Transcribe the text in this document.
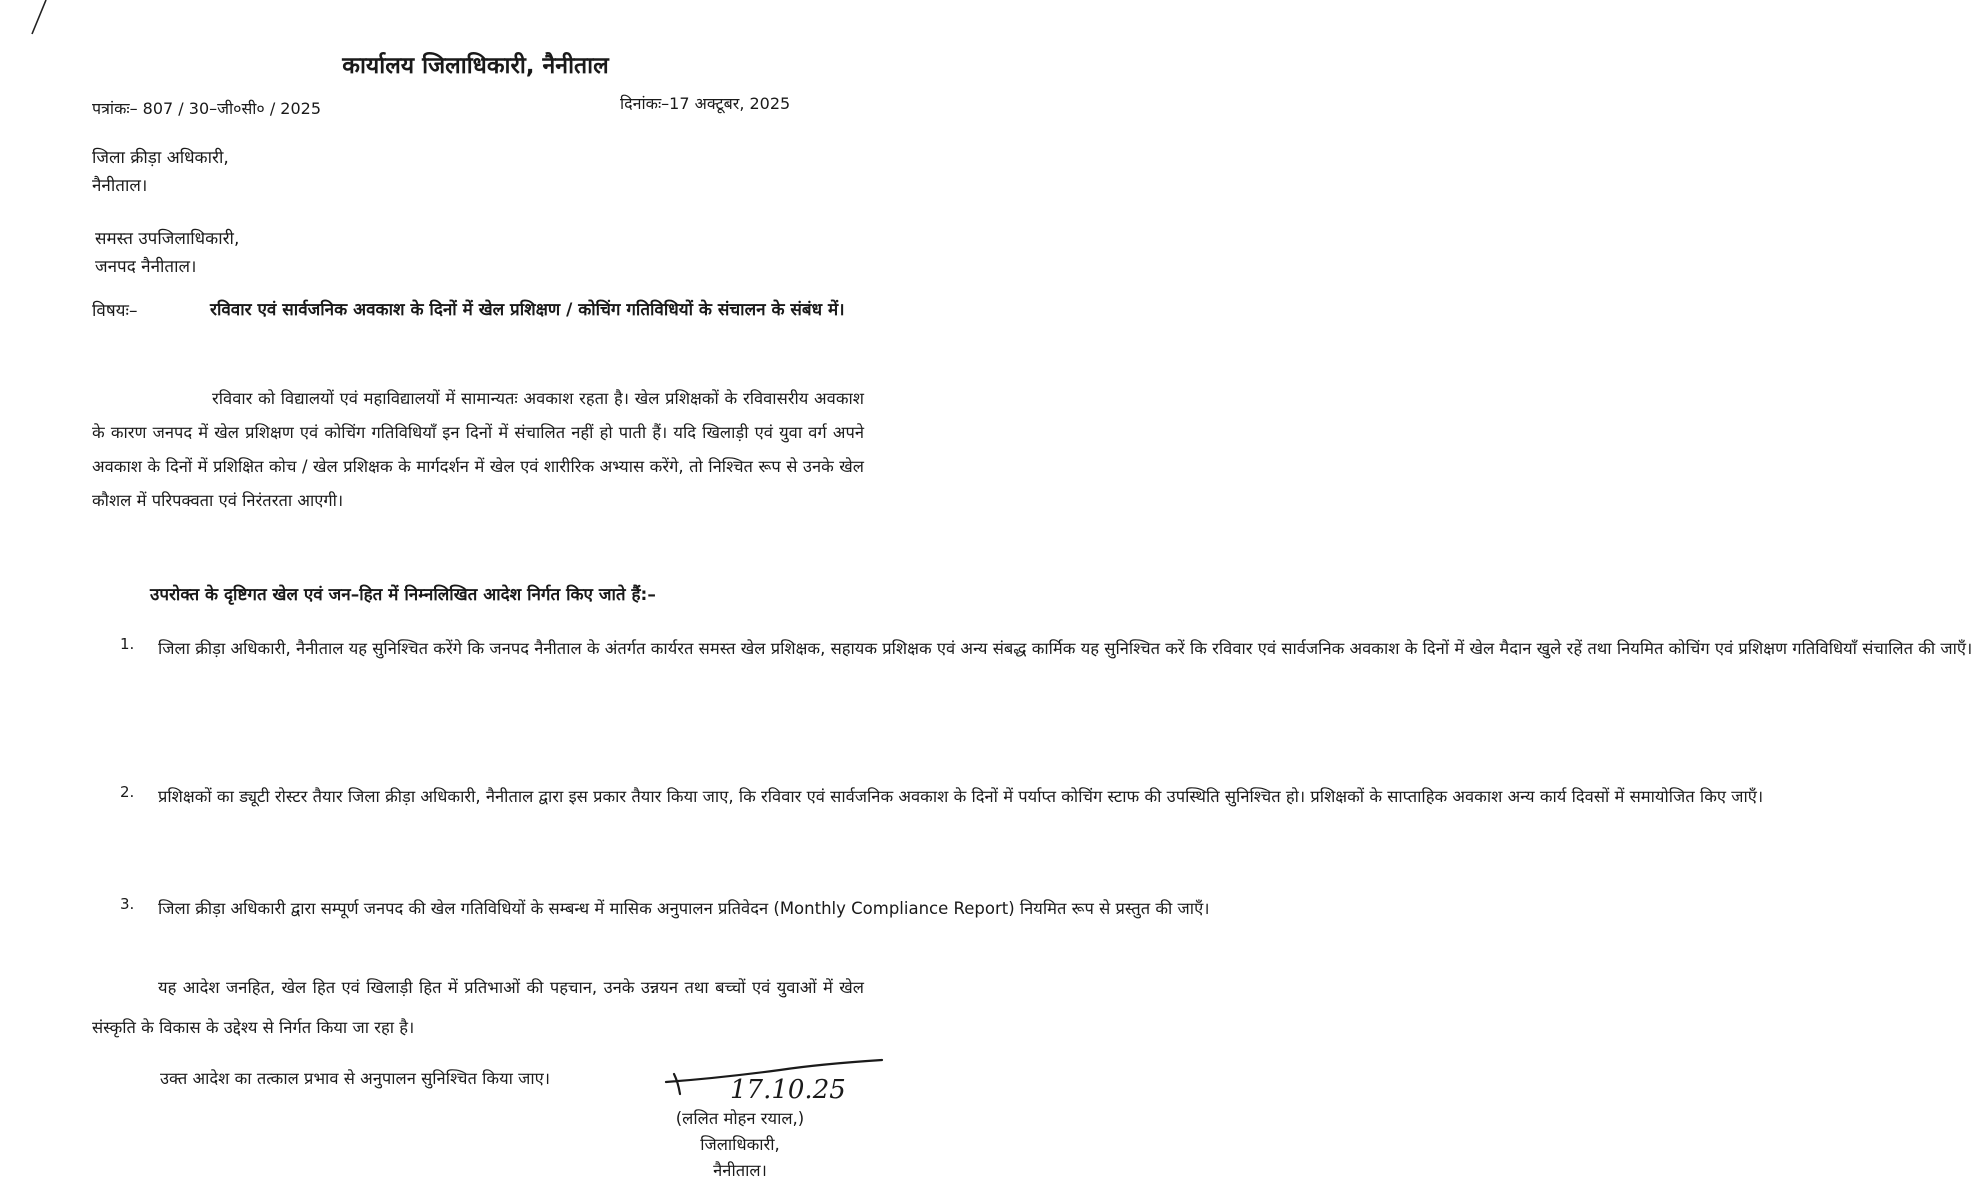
कार्यालय जिलाधिकारी, नैनीताल
पत्रांकः– 807 / 30–जी०सी० / 2025	दिनांकः–17 अक्टूबर, 2025
जिला क्रीड़ा अधिकारी,
नैनीताल।
समस्त उपजिलाधिकारी,
जनपद नैनीताल।
विषयः–	रविवार एवं सार्वजनिक अवकाश के दिनों में खेल प्रशिक्षण / कोचिंग गतिविधियों के संचालन के संबंध में।
रविवार को विद्यालयों एवं महाविद्यालयों में सामान्यतः अवकाश रहता है। खेल प्रशिक्षकों के रविवासरीय अवकाश के कारण जनपद में खेल प्रशिक्षण एवं कोचिंग गतिविधियाँ इन दिनों में संचालित नहीं हो पाती हैं। यदि खिलाड़ी एवं युवा वर्ग अपने अवकाश के दिनों में प्रशिक्षित कोच / खेल प्रशिक्षक के मार्गदर्शन में खेल एवं शारीरिक अभ्यास करेंगे, तो निश्चित रूप से उनके खेल कौशल में परिपक्वता एवं निरंतरता आएगी।
उपरोक्त के दृष्टिगत खेल एवं जन–हित में निम्नलिखित आदेश निर्गत किए जाते हैं:–
1.	जिला क्रीड़ा अधिकारी, नैनीताल यह सुनिश्चित करेंगे कि जनपद नैनीताल के अंतर्गत कार्यरत समस्त खेल प्रशिक्षक, सहायक प्रशिक्षक एवं अन्य संबद्ध कार्मिक यह सुनिश्चित करें कि रविवार एवं सार्वजनिक अवकाश के दिनों में खेल मैदान खुले रहें तथा नियमित कोचिंग एवं प्रशिक्षण गतिविधियाँ संचालित की जाएँ।
2.	प्रशिक्षकों का ड्यूटी रोस्टर तैयार जिला क्रीड़ा अधिकारी, नैनीताल द्वारा इस प्रकार तैयार किया जाए, कि रविवार एवं सार्वजनिक अवकाश के दिनों में पर्याप्त कोचिंग स्टाफ की उपस्थिति सुनिश्चित हो। प्रशिक्षकों के साप्ताहिक अवकाश अन्य कार्य दिवसों में समायोजित किए जाएँ।
3.	जिला क्रीड़ा अधिकारी द्वारा सम्पूर्ण जनपद की खेल गतिविधियों के सम्बन्ध में मासिक अनुपालन प्रतिवेदन (Monthly Compliance Report) नियमित रूप से प्रस्तुत की जाएँ।
यह आदेश जनहित, खेल हित एवं खिलाड़ी हित में प्रतिभाओं की पहचान, उनके उन्नयन तथा बच्चों एवं युवाओं में खेल संस्कृति के विकास के उद्देश्य से निर्गत किया जा रहा है।
उक्त आदेश का तत्काल प्रभाव से अनुपालन सुनिश्चित किया जाए।	17.10.25
(ललित मोहन रयाल,)
जिलाधिकारी,
नैनीताल।
